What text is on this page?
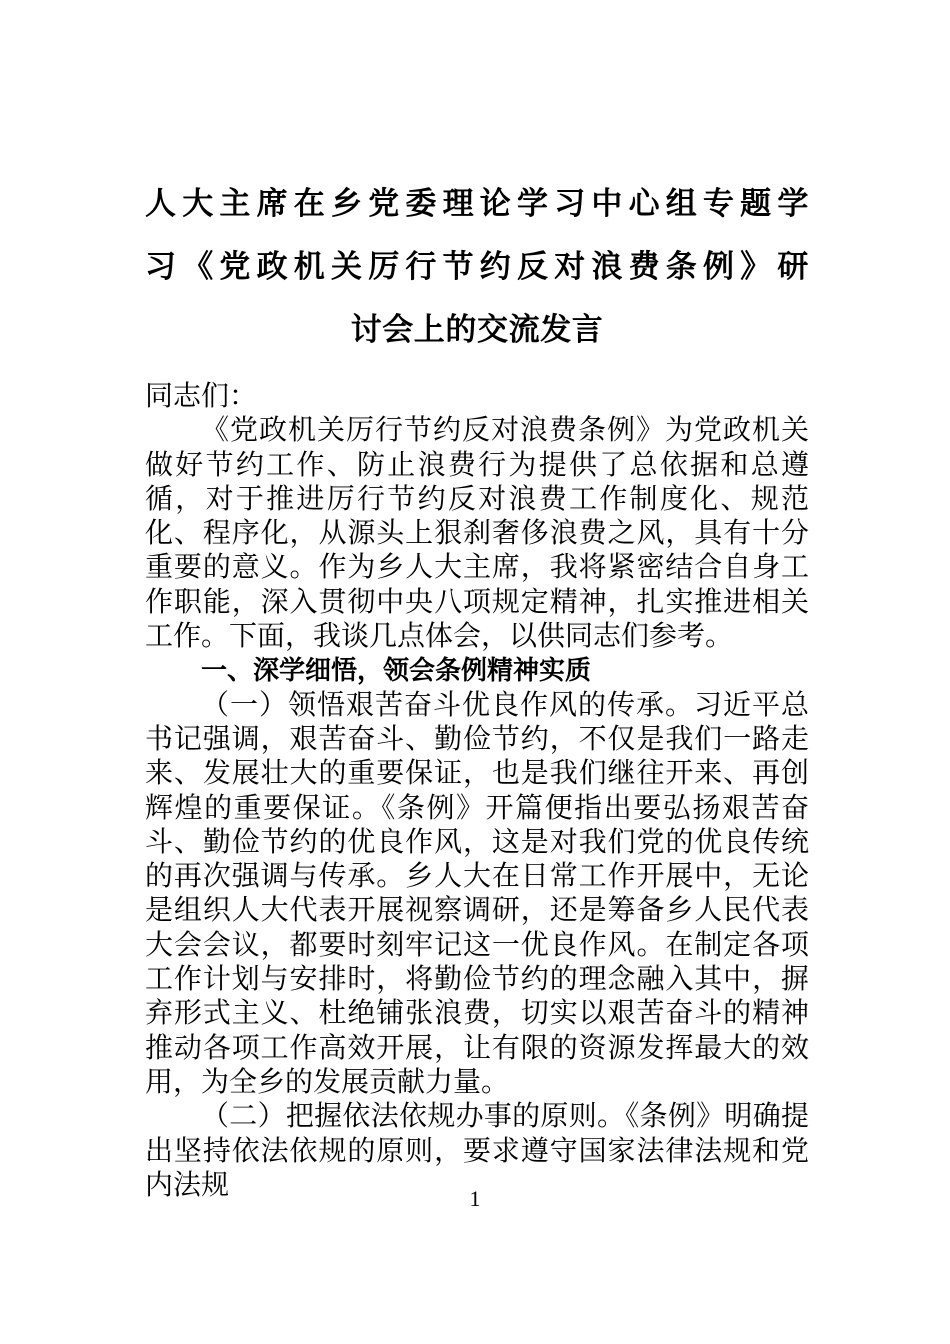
人大主席在乡党委理论学习中心组专题学
习《党政机关厉行节约反对浪费条例》研
讨会上的交流发言

同志们：

《党政机关厉行节约反对浪费条例》为党政机关做好节约工作、防止浪费行为提供了总依据和总遵循，对于推进厉行节约反对浪费工作制度化、规范化、程序化，从源头上狠刹奢侈浪费之风，具有十分重要的意义。作为乡人大主席，我将紧密结合自身工作职能，深入贯彻中央八项规定精神，扎实推进相关工作。下面，我谈几点体会，以供同志们参考。

一、深学细悟，领会条例精神实质

（一）领悟艰苦奋斗优良作风的传承。习近平总书记强调，艰苦奋斗、勤俭节约，不仅是我们一路走来、发展壮大的重要保证，也是我们继往开来、再创辉煌的重要保证。《条例》开篇便指出要弘扬艰苦奋斗、勤俭节约的优良作风，这是对我们党的优良传统的再次强调与传承。乡人大在日常工作开展中，无论是组织人大代表开展视察调研，还是筹备乡人民代表大会会议，都要时刻牢记这一优良作风。在制定各项工作计划与安排时，将勤俭节约的理念融入其中，摒弃形式主义、杜绝铺张浪费，切实以艰苦奋斗的精神推动各项工作高效开展，让有限的资源发挥最大的效用，为全乡的发展贡献力量。

（二）把握依法依规办事的原则。《条例》明确提出坚持依法依规的原则，要求遵守国家法律法规和党内法规	1
